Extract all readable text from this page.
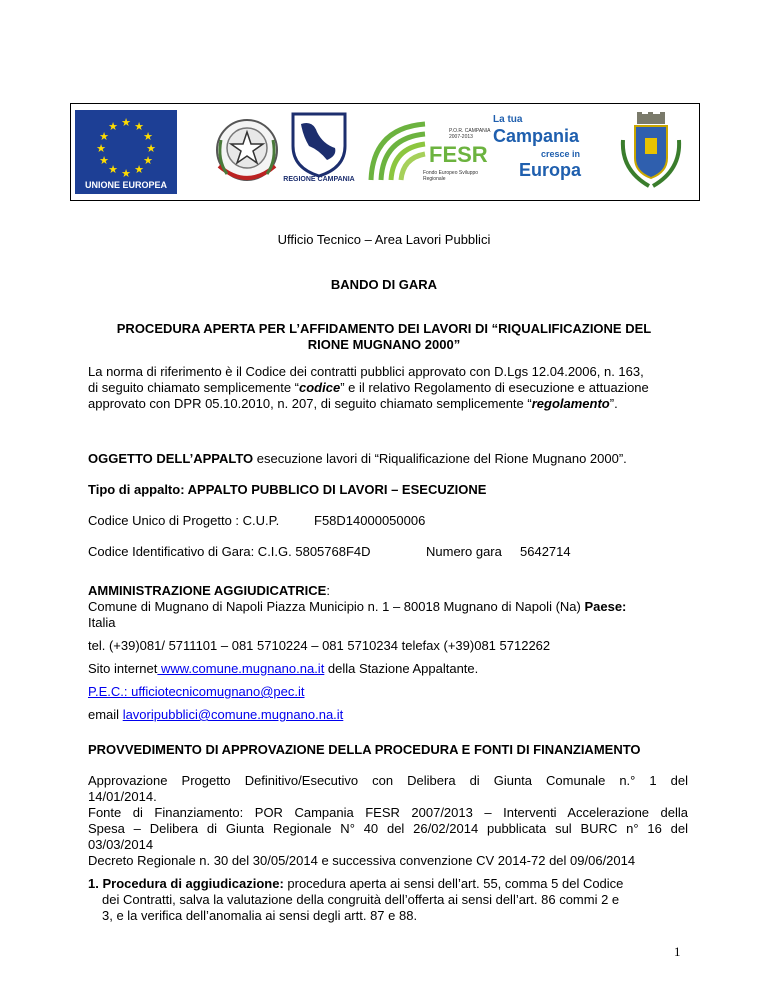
★ ★
★
★
★
★
★
★
★
★
★
★
UNIONE EUROPEA
REGIONE CAMPANIA
P.O.R. CAMPANIA 2007-2013
FESR
Fondo Europeo Sviluppo Regionale
La tua
Campania
cresce in
Europa
Ufficio Tecnico – Area Lavori Pubblici
BANDO DI GARA
PROCEDURA APERTA PER L’AFFIDAMENTO DEI LAVORI DI “RIQUALIFICAZIONE DEL
RIONE MUGNANO 2000”
La norma di riferimento è il Codice dei contratti pubblici approvato con D.Lgs 12.04.2006, n. 163,
di seguito chiamato semplicemente “codice” e il relativo Regolamento di esecuzione e attuazione
approvato con DPR 05.10.2010, n. 207, di seguito chiamato semplicemente “regolamento”.
OGGETTO DELL’APPALTO esecuzione lavori di “Riqualificazione del Rione Mugnano 2000”.
Tipo di appalto: APPALTO PUBBLICO DI LAVORI – ESECUZIONE
Codice Unico di Progetto : C.U.P.	F58D14000050006
Codice Identificativo di Gara: C.I.G. 5805768F4D	Numero gara 5642714
AMMINISTRAZIONE AGGIUDICATRICE:
Comune di Mugnano di Napoli Piazza Municipio n. 1 – 80018 Mugnano di Napoli (Na) Paese:
Italia
tel. (+39)081/ 5711101 – 081 5710224 – 081 5710234 telefax (+39)081 5712262
Sito internet www.comune.mugnano.na.it della Stazione Appaltante.
P.E.C.: ufficiotecnicomugnano@pec.it
email lavoripubblici@comune.mugnano.na.it
PROVVEDIMENTO DI APPROVAZIONE DELLA PROCEDURA E FONTI DI FINANZIAMENTO
Approvazione Progetto Definitivo/Esecutivo con Delibera di Giunta Comunale n.° 1 del
14/01/2014.
Fonte di Finanziamento: POR Campania FESR 2007/2013 – Interventi Accelerazione della
Spesa – Delibera di Giunta Regionale N° 40 del 26/02/2014 pubblicata sul BURC n° 16 del
03/03/2014
Decreto Regionale n. 30 del 30/05/2014 e successiva convenzione CV 2014-72 del 09/06/2014
1. Procedura di aggiudicazione: procedura aperta ai sensi dell’art. 55, comma 5 del Codice
dei Contratti, salva la valutazione della congruità dell’offerta ai sensi dell’art. 86 commi 2 e
3, e la verifica dell’anomalia ai sensi degli artt. 87 e 88.
1
